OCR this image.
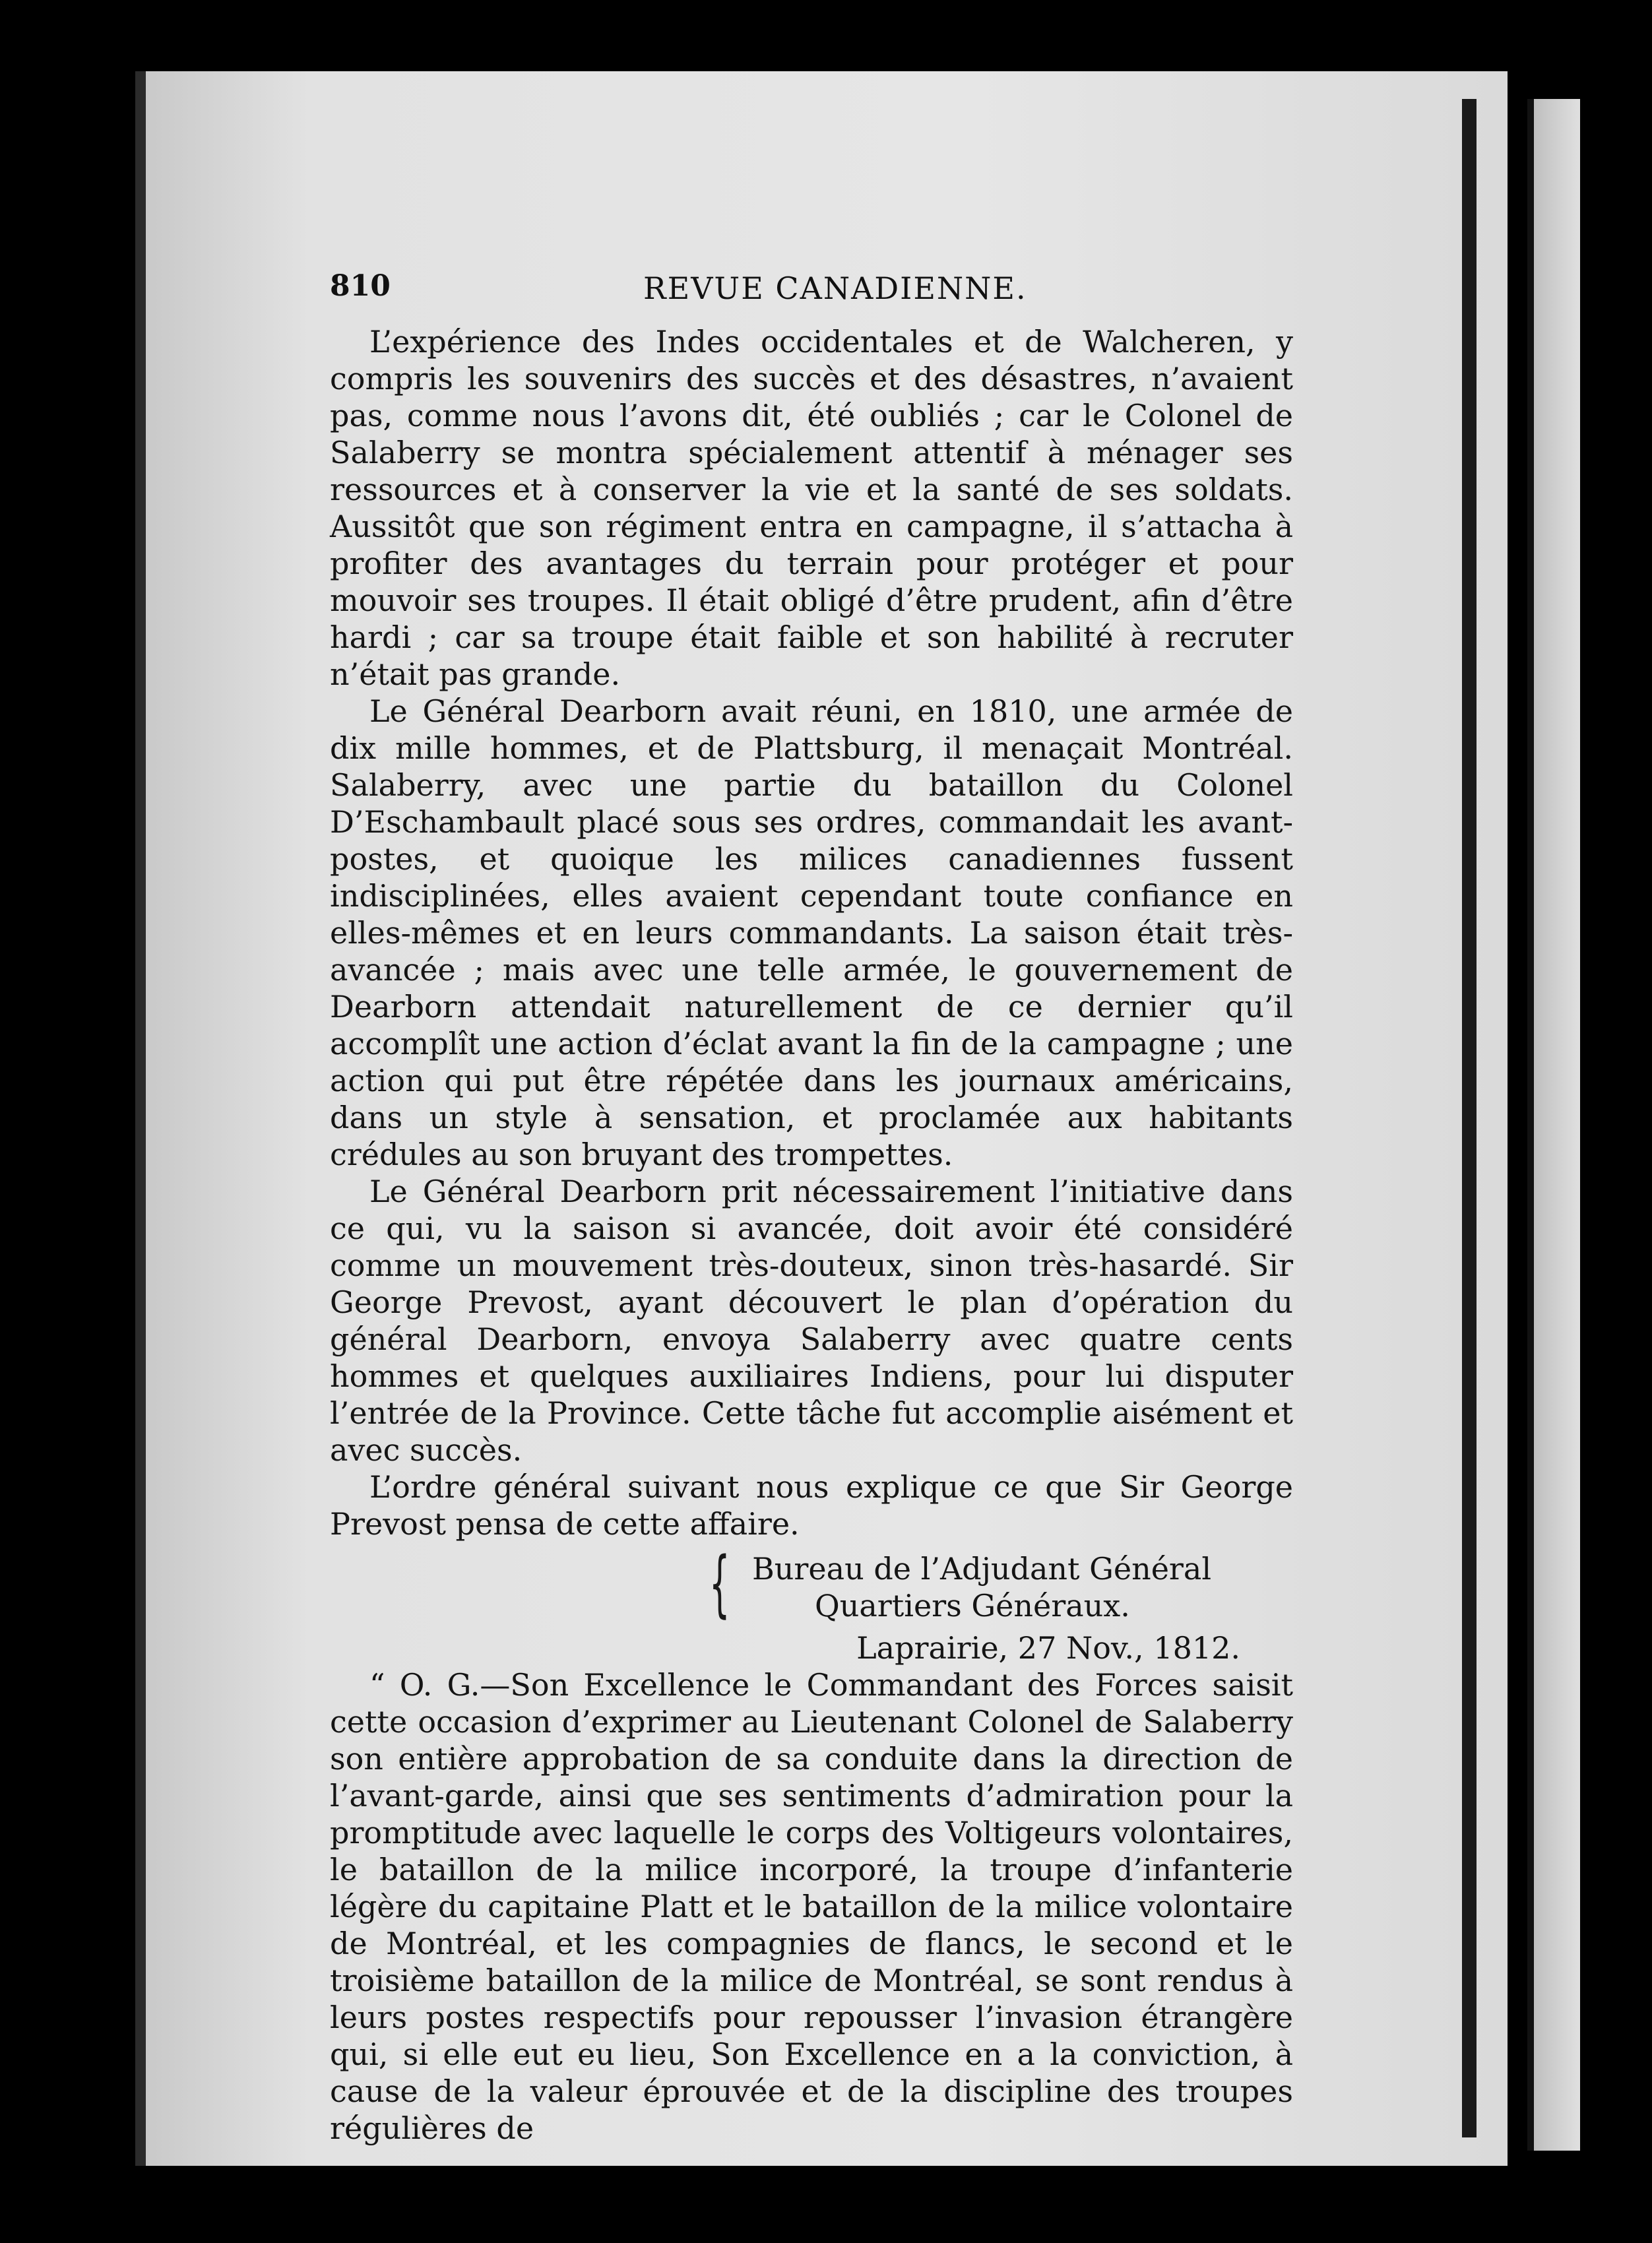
810	REVUE CANADIENNE.

L’expérience des Indes occidentales et de Walcheren, y compris les souvenirs des succès et des désastres, n’avaient pas, comme nous l’avons dit, été oubliés ; car le Colonel de Salaberry se montra spécialement attentif à ménager ses ressources et à conserver la vie et la santé de ses soldats. Aussitôt que son régiment entra en campagne, il s’attacha à profiter des avantages du terrain pour protéger et pour mouvoir ses troupes. Il était obligé d’être prudent, afin d’être hardi ; car sa troupe était faible et son habilité à recruter n’était pas grande.

Le Général Dearborn avait réuni, en 1810, une armée de dix mille hommes, et de Plattsburg, il menaçait Montréal. Salaberry, avec une partie du bataillon du Colonel D’Eschambault placé sous ses ordres, commandait les avant-postes, et quoique les milices canadiennes fussent indisciplinées, elles avaient cependant toute confiance en elles-mêmes et en leurs commandants. La saison était très-avancée ; mais avec une telle armée, le gouvernement de Dearborn attendait naturellement de ce dernier qu’il accomplît une action d’éclat avant la fin de la campagne ; une action qui put être répétée dans les journaux américains, dans un style à sensation, et proclamée aux habitants crédules au son bruyant des trompettes.

Le Général Dearborn prit nécessairement l’initiative dans ce qui, vu la saison si avancée, doit avoir été considéré comme un mouvement très-douteux, sinon très-hasardé. Sir George Prevost, ayant découvert le plan d’opération du général Dearborn, envoya Salaberry avec quatre cents hommes et quelques auxiliaires Indiens, pour lui disputer l’entrée de la Province. Cette tâche fut accomplie aisément et avec succès.

L’ordre général suivant nous explique ce que Sir George Prevost pensa de cette affaire.

{ Bureau de l’Adjudant Général
Quartiers Généraux.

Laprairie, 27 Nov., 1812.

“ O. G.—Son Excellence le Commandant des Forces saisit cette occasion d’exprimer au Lieutenant Colonel de Salaberry son entière approbation de sa conduite dans la direction de l’avant-garde, ainsi que ses sentiments d’admiration pour la promptitude avec laquelle le corps des Voltigeurs volontaires, le bataillon de la milice incorporé, la troupe d’infanterie légère du capitaine Platt et le bataillon de la milice volontaire de Montréal, et les compagnies de flancs, le second et le troisième bataillon de la milice de Montréal, se sont rendus à leurs postes respectifs pour repousser l’invasion étrangère qui, si elle eut eu lieu, Son Excellence en a la conviction, à cause de la valeur éprouvée et de la discipline des troupes régulières de
